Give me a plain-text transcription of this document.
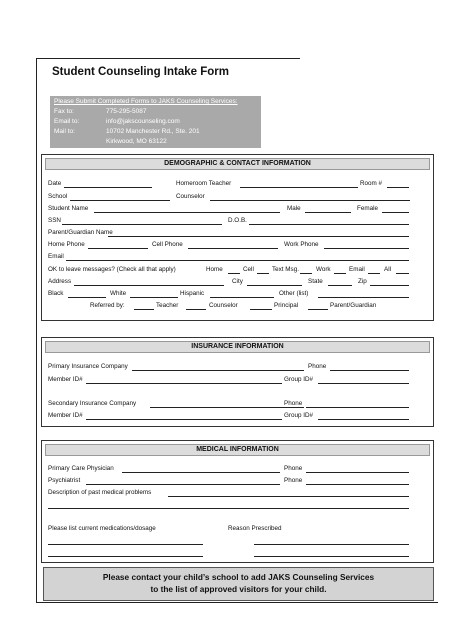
Student Counseling Intake Form
Please Submit Completed Forms to JAKS Counseling Services:
Fax to:	775-295-5087
Email to:	info@jakscounseling.com
Mail to:	10702 Manchester Rd., Ste. 201
Kirkwood, MO 63122
DEMOGRAPHIC & CONTACT INFORMATION
Date	Homeroom Teacher	Room #
School	Counselor
Student Name	Male	Female
SSN	D.O.B.
Parent/Guardian Name
Home Phone	Cell Phone	Work Phone
Email
OK to leave messages? (Check all that apply)	Home	Cell	Text Msg.	Work	Email	All
Address	City	State	Zip
Black	White	Hispanic	Other (list)
Referred by:	Teacher	Counselor	Principal	Parent/Guardian
INSURANCE INFORMATION
Primary Insurance Company	Phone
Member ID#	Group ID#
Secondary Insurance Company	Phone
Member ID#	Group ID#
MEDICAL INFORMATION
Primary Care Physician	Phone
Psychiatrist	Phone
Description of past medical problems
Please list current medications/dosage	Reason Prescribed
Please contact your child’s school to add JAKS Counseling Services
to the list of approved visitors for your child.
